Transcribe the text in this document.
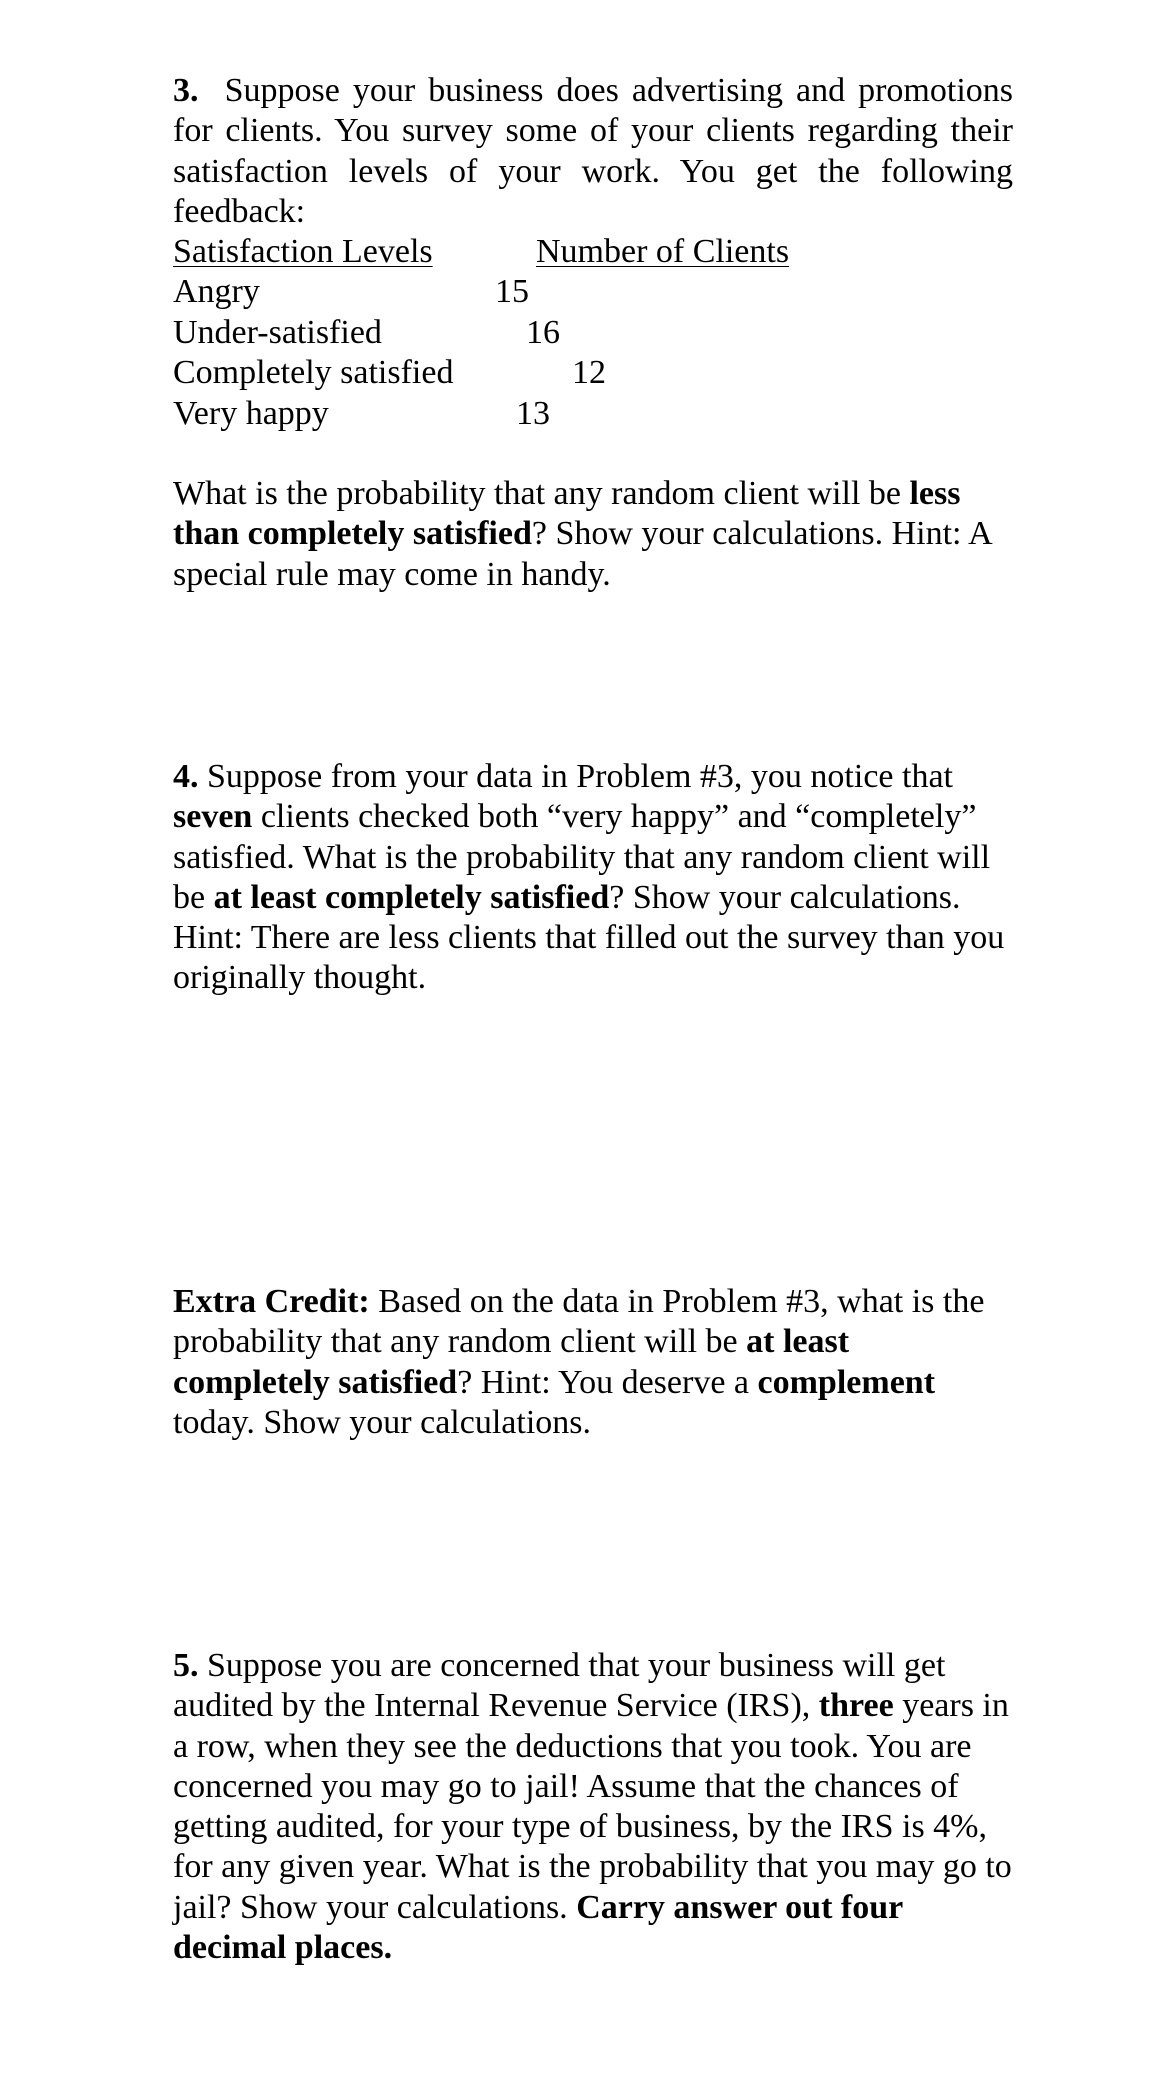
3. Suppose your business does advertising and promotions for clients. You survey some of your clients regarding their satisfaction levels of your work. You get the following feedback:
Satisfaction Levels	Number of Clients
Angry	15
Under-satisfied	16
Completely satisfied	12
Very happy	13
What is the probability that any random client will be less than completely satisfied? Show your calculations. Hint: A special rule may come in handy.
4. Suppose from your data in Problem #3, you notice that seven clients checked both “very happy” and “completely” satisfied. What is the probability that any random client will be at least completely satisfied? Show your calculations. Hint: There are less clients that filled out the survey than you originally thought.
Extra Credit: Based on the data in Problem #3, what is the probability that any random client will be at least completely satisfied? Hint: You deserve a complement today. Show your calculations.
5. Suppose you are concerned that your business will get audited by the Internal Revenue Service (IRS), three years in a row, when they see the deductions that you took. You are concerned you may go to jail! Assume that the chances of getting audited, for your type of business, by the IRS is 4%, for any given year. What is the probability that you may go to jail? Show your calculations. Carry answer out four decimal places.
